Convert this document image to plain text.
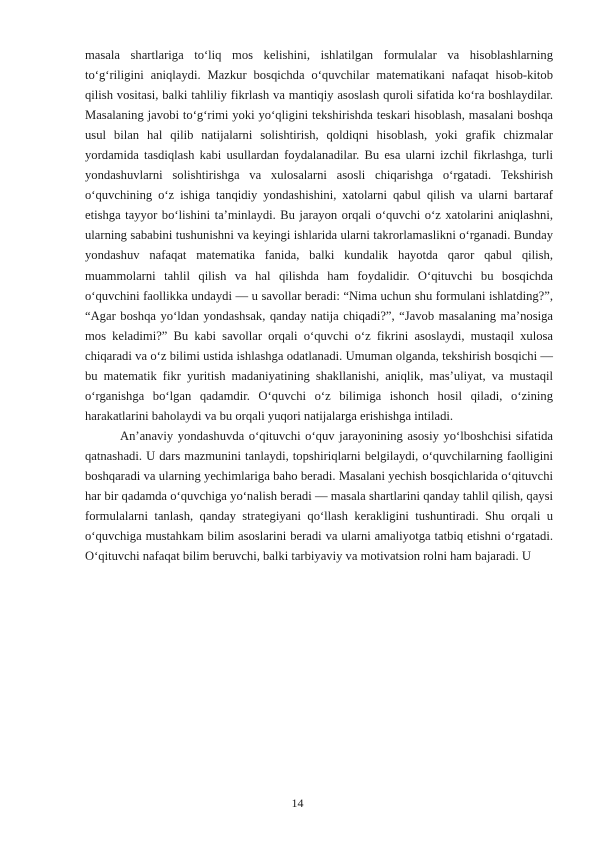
masala shartlariga to‘liq mos kelishini, ishlatilgan formulalar va hisoblashlarning to‘g‘riligini aniqlaydi. Mazkur bosqichda o‘quvchilar matematikani nafaqat hisob-kitob qilish vositasi, balki tahliliy fikrlash va mantiqiy asoslash quroli sifatida ko‘ra boshlaydilar. Masalaning javobi to‘g‘rimi yoki yo‘qligini tekshirishda teskari hisoblash, masalani boshqa usul bilan hal qilib natijalarni solishtirish, qoldiqni hisoblash, yoki grafik chizmalar yordamida tasdiqlash kabi usullardan foydalanadilar. Bu esa ularni izchil fikrlashga, turli yondashuvlarni solishtirishga va xulosalarni asosli chiqarishga o‘rgatadi. Tekshirish o‘quvchining o‘z ishiga tanqidiy yondashishini, xatolarni qabul qilish va ularni bartaraf etishga tayyor bo‘lishini ta’minlaydi. Bu jarayon orqali o‘quvchi o‘z xatolarini aniqlashni, ularning sababini tushunishni va keyingi ishlarida ularni takrorlamaslikni o‘rganadi. Bunday yondashuv nafaqat matematika fanida, balki kundalik hayotda qaror qabul qilish, muammolarni tahlil qilish va hal qilishda ham foydalidir. O‘qituvchi bu bosqichda o‘quvchini faollikka undaydi — u savollar beradi: “Nima uchun shu formulani ishlatding?”, “Agar boshqa yo‘ldan yondashsak, qanday natija chiqadi?”, “Javob masalaning ma’nosiga mos keladimi?” Bu kabi savollar orqali o‘quvchi o‘z fikrini asoslaydi, mustaqil xulosa chiqaradi va o‘z bilimi ustida ishlashga odatlanadi. Umuman olganda, tekshirish bosqichi — bu matematik fikr yuritish madaniyatining shakllanishi, aniqlik, mas’uliyat, va mustaqil o‘rganishga bo‘lgan qadamdir. O‘quvchi o‘z bilimiga ishonch hosil qiladi, o‘zining harakatlarini baholaydi va bu orqali yuqori natijalarga erishishga intiladi.

An’anaviy yondashuvda o‘qituvchi o‘quv jarayonining asosiy yo‘lboshchisi sifatida qatnashadi. U dars mazmunini tanlaydi, topshiriqlarni belgilaydi, o‘quvchilarning faolligini boshqaradi va ularning yechimlariga baho beradi. Masalani yechish bosqichlarida o‘qituvchi har bir qadamda o‘quvchiga yo‘nalish beradi — masala shartlarini qanday tahlil qilish, qaysi formulalarni tanlash, qanday strategiyani qo‘llash kerakligini tushuntiradi. Shu orqali u o‘quvchiga mustahkam bilim asoslarini beradi va ularni amaliyotga tatbiq etishni o‘rgatadi. O‘qituvchi nafaqat bilim beruvchi, balki tarbiyaviy va motivatsion rolni ham bajaradi. U

14
